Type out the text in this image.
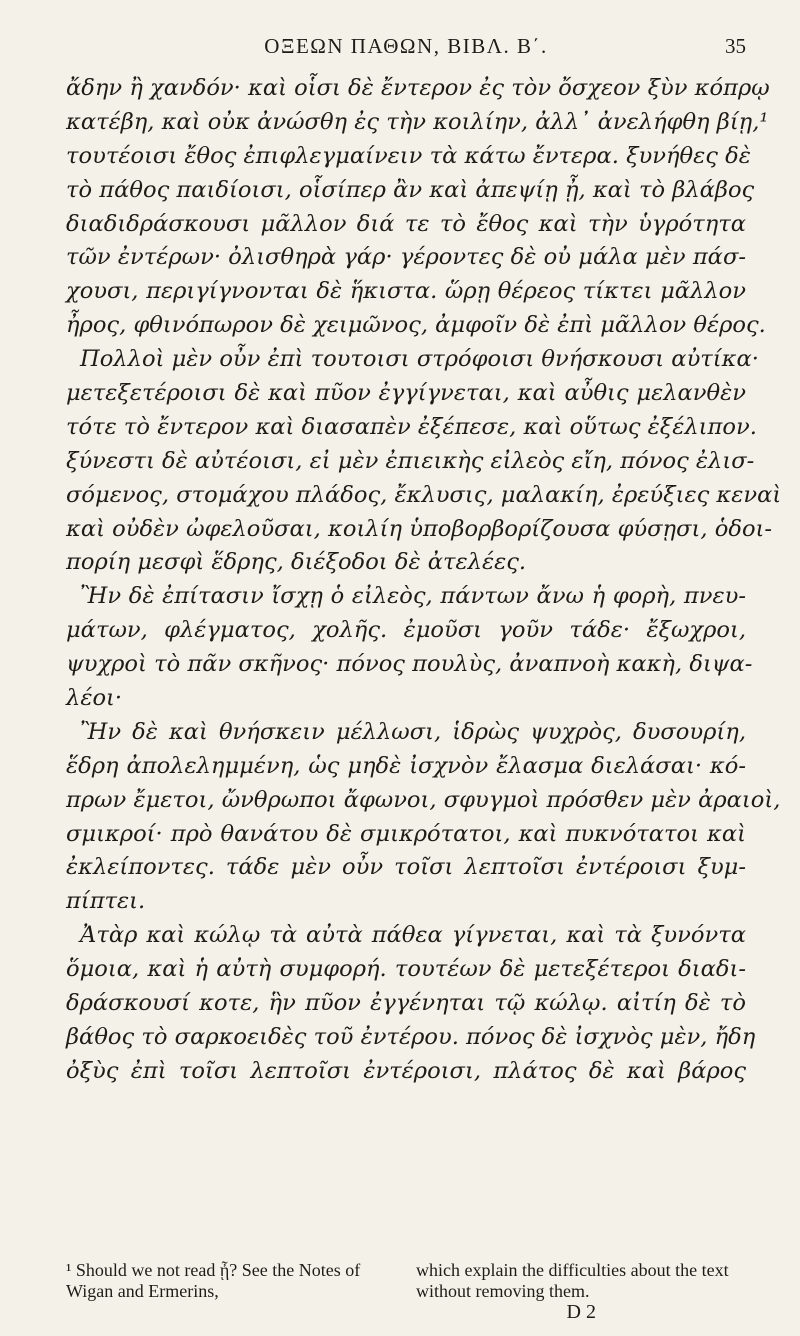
ΟΞΕΩΝ ΠΑΘΩΝ, ΒΙΒΛ. Β΄.	35
ἄδην ἢ χανδόν· καὶ οἷσι δὲ ἔντερον ἐς τὸν ὄσχεον ξὺν κόπρῳ
κατέβη, καὶ οὐκ ἀνώσθη ἐς τὴν κοιλίην, ἀλλ᾽ ἀνελήφθη βίῃ,¹
τουτέοισι ἔθος ἐπιφλεγμαίνειν τὰ κάτω ἔντερα. ξυνήθες δὲ
τὸ πάθος παιδίοισι, οἷσίπερ ἂν καὶ ἀπεψίῃ ᾖ, καὶ τὸ βλάβος
διαδιδράσκουσι μᾶλλον διά τε τὸ ἔθος καὶ τὴν ὑγρότητα
τῶν ἐντέρων· ὀλισθηρὰ γάρ· γέροντες δὲ οὐ μάλα μὲν πάσ-
χουσι, περιγίγνονται δὲ ἥκιστα. ὥρῃ θέρεος τίκτει μᾶλλον
ἦρος, φθινόπωρον δὲ χειμῶνος, ἀμφοῖν δὲ ἐπὶ μᾶλλον θέρος.
Πολλοὶ μὲν οὖν ἐπὶ τουτοισι στρόφοισι θνήσκουσι αὐτίκα·
μετεξετέροισι δὲ καὶ πῦον ἐγγίγνεται, καὶ αὖθις μελανθὲν
τότε τὸ ἔντερον καὶ διασαπὲν ἐξέπεσε, καὶ οὕτως ἐξέλιπον.
ξύνεστι δὲ αὐτέοισι, εἰ μὲν ἐπιεικὴς εἰλεὸς εἴη, πόνος ἐλισ-
σόμενος, στομάχου πλάδος, ἔκλυσις, μαλακίη, ἐρεύξιες κεναὶ
καὶ οὐδὲν ὠφελοῦσαι, κοιλίη ὑποβορβορίζουσα φύσῃσι, ὁδοι-
πορίη μεσφὶ ἕδρης, διέξοδοι δὲ ἀτελέες.
Ἢν δὲ ἐπίτασιν ἴσχῃ ὁ εἰλεὸς, πάντων ἄνω ἡ φορὴ, πνευ-
μάτων, φλέγματος, χολῆς. ἐμοῦσι γοῦν τάδε· ἔξωχροι,
ψυχροὶ τὸ πᾶν σκῆνος· πόνος πουλὺς, ἀναπνοὴ κακὴ, διψα-
λέοι·
Ἢν δὲ καὶ θνήσκειν μέλλωσι, ἱδρὼς ψυχρὸς, δυσουρίη,
ἕδρη ἀπολελημμένη, ὡς μηδὲ ἰσχνὸν ἔλασμα διελάσαι· κό-
πρων ἔμετοι, ὤνθρωποι ἄφωνοι, σφυγμοὶ πρόσθεν μὲν ἀραιοὶ,
σμικροί· πρὸ θανάτου δὲ σμικρότατοι, καὶ πυκνότατοι καὶ
ἐκλείποντες. τάδε μὲν οὖν τοῖσι λεπτοῖσι ἐντέροισι ξυμ-
πίπτει.
Ἀτὰρ καὶ κώλῳ τὰ αὐτὰ πάθεα γίγνεται, καὶ τὰ ξυνόντα
ὅμοια, καὶ ἡ αὐτὴ συμφορή. τουτέων δὲ μετεξέτεροι διαδι-
δράσκουσί κοτε, ἣν πῦον ἐγγένηται τῷ κώλῳ. αἰτίη δὲ τὸ
βάθος τὸ σαρκοειδὲς τοῦ ἐντέρου. πόνος δὲ ἰσχνὸς μὲν, ἤδη
ὀξὺς ἐπὶ τοῖσι λεπτοῖσι ἐντέροισι, πλάτος δὲ καὶ βάρος
¹ Should we not read ᾖ? See the Notes of Wigan and Ermerins,
which explain the difficulties about the text without removing them.
D 2
